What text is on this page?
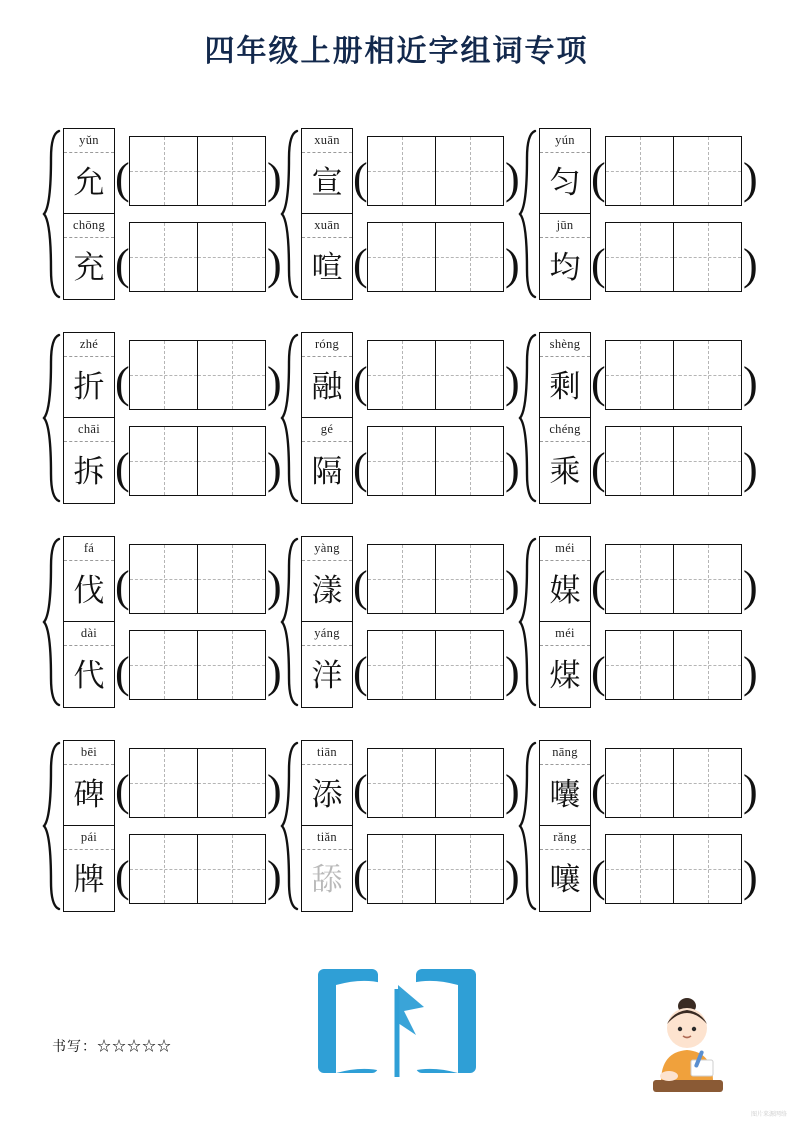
四年级上册相近字组词专项
yǔn
允 (	)
chōng
充 (	)
xuān
宣 (	)
xuān
喧 (	)
yún
匀 (	)
jūn
均 (	)
zhé
折 (	)
chāi
拆 (	)
róng
融 (	)
gé
隔 (	)
shèng
剩 (	)
chéng
乘 (	)
fá
伐 (	)
dài
代 (	)
yàng
漾 (	)
yáng
洋 (	)
méi
媒 (	)
méi
煤 (	)
bēi
碑 (	)
pái
牌 (	)
tiān
添 (	)
tiǎn
舔 (	)
nāng
囔 (	)
rǎng
嚷 (	)
书写：☆☆☆☆☆
图片来源网络
